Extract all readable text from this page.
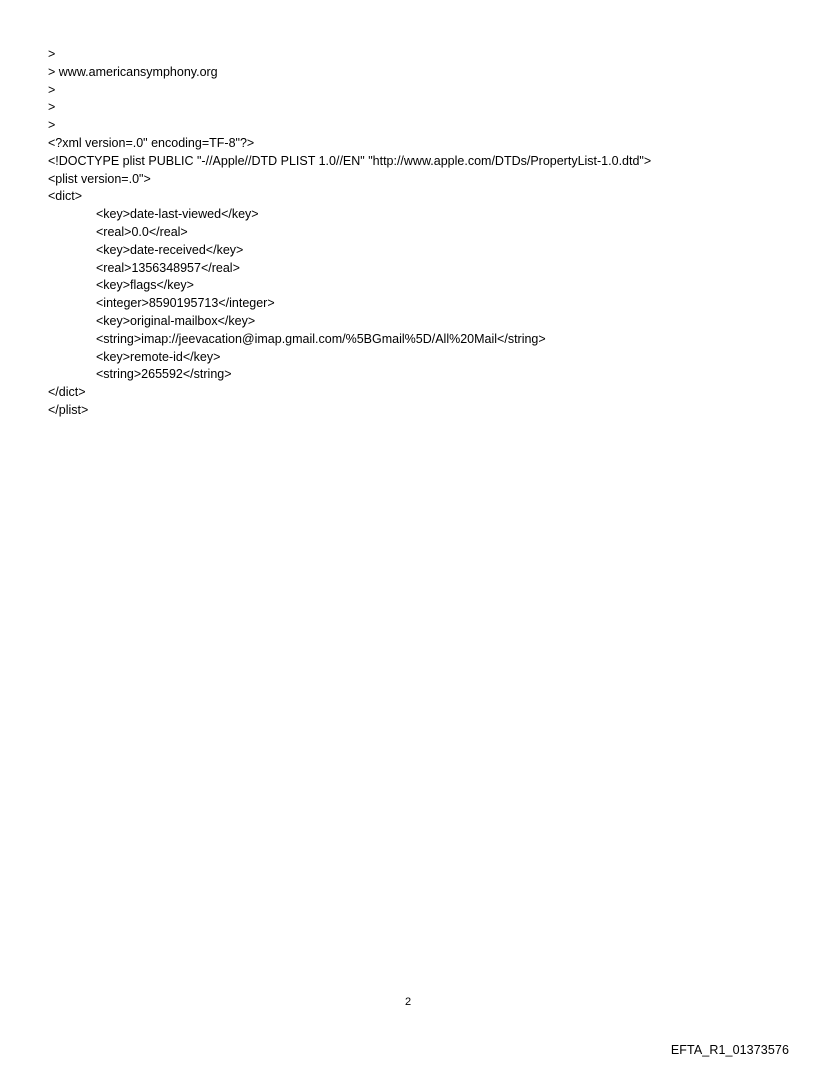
>
> www.americansymphony.org
>
>
>
<?xml version=.0" encoding=TF-8"?>
<!DOCTYPE plist PUBLIC "-//Apple//DTD PLIST 1.0//EN" "http://www.apple.com/DTDs/PropertyList-1.0.dtd">
<plist version=.0">
<dict>
<key>date-last-viewed</key>
<real>0.0</real>
<key>date-received</key>
<real>1356348957</real>
<key>flags</key>
<integer>8590195713</integer>
<key>original-mailbox</key>
<string>imap://jeevacation@imap.gmail.com/%5BGmail%5D/All%20Mail</string>
<key>remote-id</key>
<string>265592</string>
</dict>
</plist>
2
EFTA_R1_01373576
